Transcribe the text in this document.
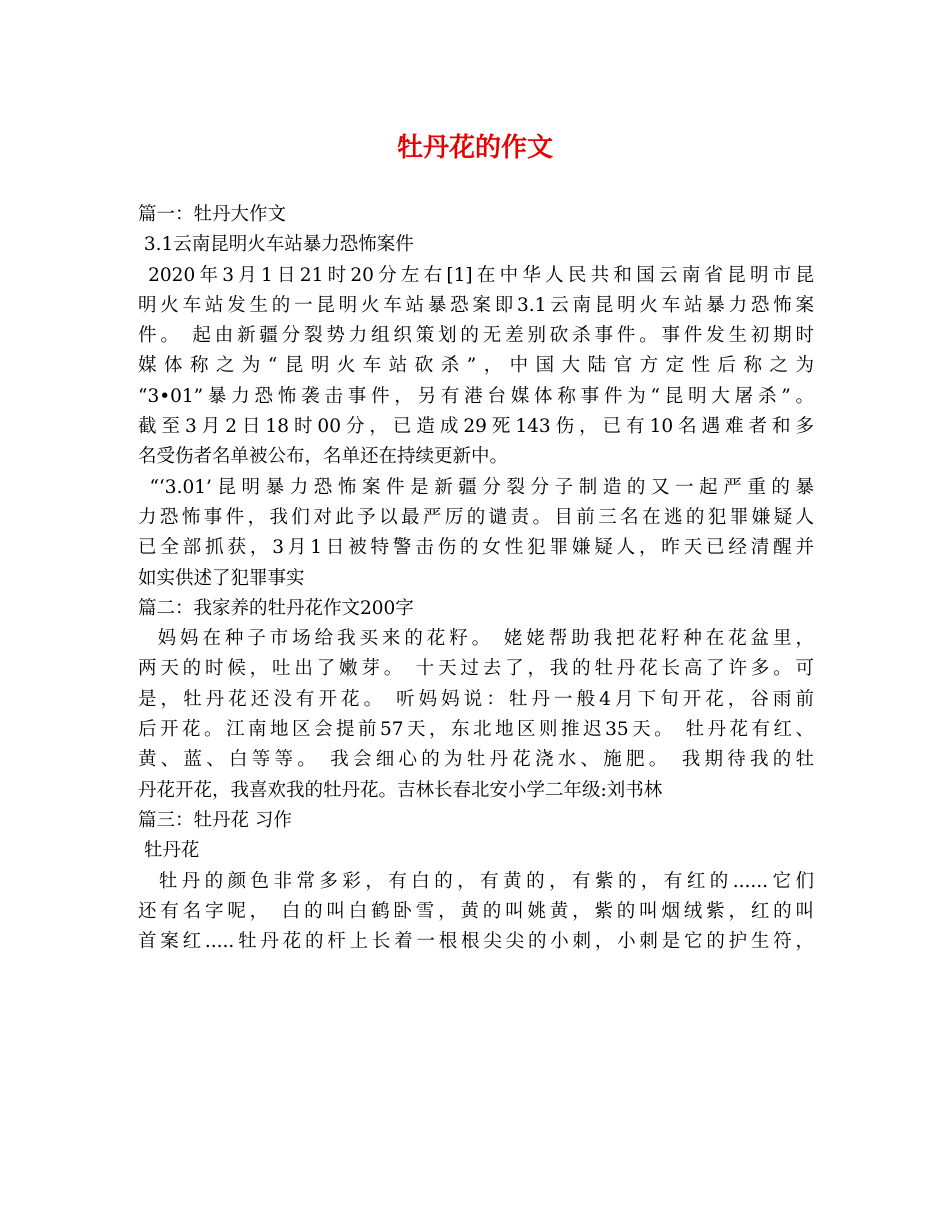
牡丹花的作文
篇一：牡丹大作文
3.1云南昆明火车站暴力恐怖案件
2020年3月1日21时20分左右[1]在中华人民共和国云南省昆明市昆
明火车站发生的一昆明火车站暴恐案即3.1云南昆明火车站暴力恐怖案
件。 起由新疆分裂势力组织策划的无差别砍杀事件。事件发生初期时
媒体称之为“昆明火车站砍杀”，中国大陆官方定性后称之为
“3•01”暴力恐怖袭击事件，另有港台媒体称事件为“昆明大屠杀”。
截至3月2日18时00分，已造成29死143伤，已有10名遇难者和多
名受伤者名单被公布，名单还在持续更新中。
“‘3.01’昆明暴力恐怖案件是新疆分裂分子制造的又一起严重的暴
力恐怖事件，我们对此予以最严厉的谴责。目前三名在逃的犯罪嫌疑人
已全部抓获，3月1日被特警击伤的女性犯罪嫌疑人，昨天已经清醒并
如实供述了犯罪事实
篇二：我家养的牡丹花作文200字
妈妈在种子市场给我买来的花籽。 姥姥帮助我把花籽种在花盆里，
两天的时候，吐出了嫩芽。 十天过去了，我的牡丹花长高了许多。可
是，牡丹花还没有开花。 听妈妈说：牡丹一般4月下旬开花，谷雨前
后开花。江南地区会提前57天，东北地区则推迟35天。 牡丹花有红、
黄、蓝、白等等。 我会细心的为牡丹花浇水、施肥。 我期待我的牡
丹花开花，我喜欢我的牡丹花。吉林长春北安小学二年级:刘书林
篇三：牡丹花 习作
牡丹花
牡丹的颜色非常多彩，有白的，有黄的，有紫的，有红的......它们
还有名字呢， 白的叫白鹤卧雪，黄的叫姚黄，紫的叫烟绒紫，红的叫
首案红.....牡丹花的杆上长着一根根尖尖的小刺，小刺是它的护生符，
